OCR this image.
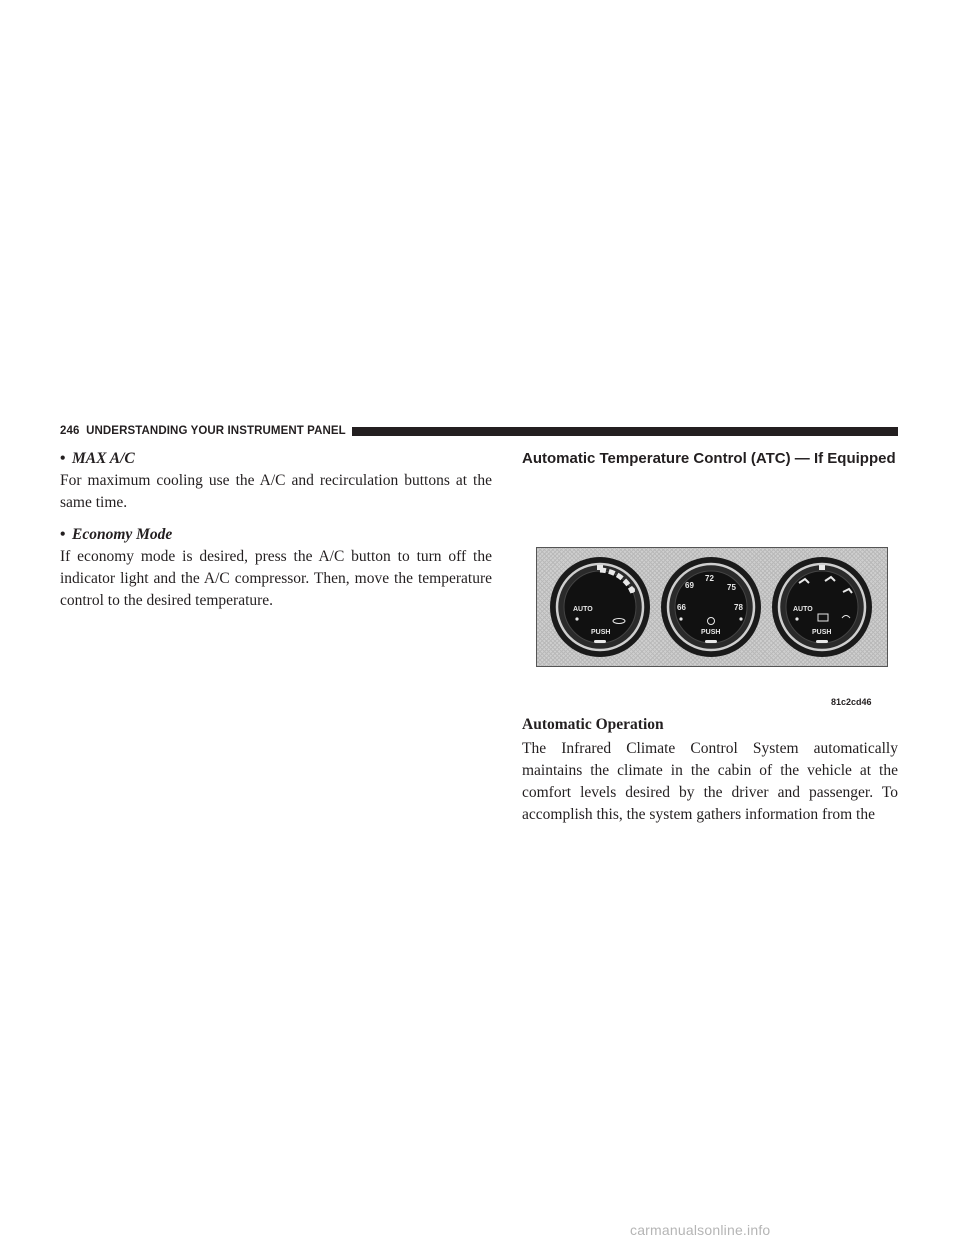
246 UNDERSTANDING YOUR INSTRUMENT PANEL

• MAX A/C

For maximum cooling use the A/C and recirculation buttons at the same time.

• Economy Mode

If economy mode is desired, press the A/C button to turn off the indicator light and the A/C compressor. Then, move the temperature control to the desired temperature.

Automatic Temperature Control (ATC) — If Equipped
AUTO
PUSH
69
72
75
66	78
PUSH
AUTO
PUSH
81c2cd46
Automatic Operation

The Infrared Climate Control System automatically maintains the climate in the cabin of the vehicle at the comfort levels desired by the driver and passenger. To accomplish this, the system gathers information from the

carmanualsonline.info
